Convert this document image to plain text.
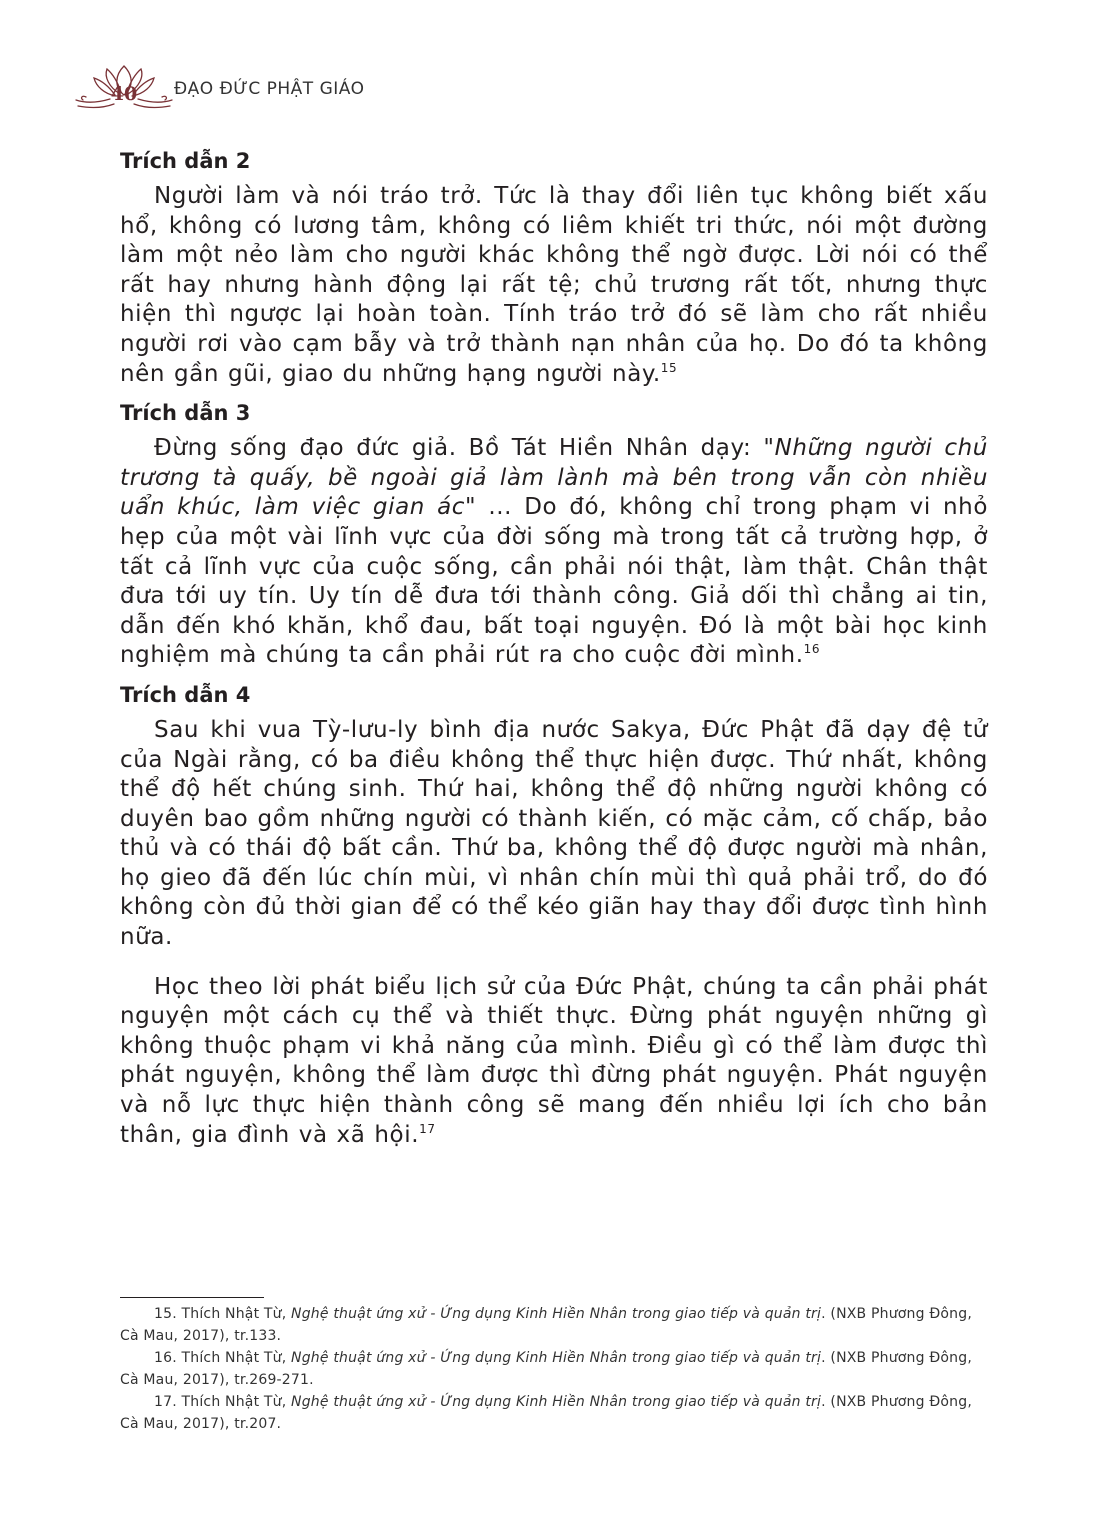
40 ĐẠO ĐỨC PHẬT GIÁO
Trích dẫn 2

Người làm và nói tráo trở. Tức là thay đổi liên tục không biết xấu hổ, không có lương tâm, không có liêm khiết tri thức, nói một đường làm một nẻo làm cho người khác không thể ngờ được. Lời nói có thể rất hay nhưng hành động lại rất tệ; chủ trương rất tốt, nhưng thực hiện thì ngược lại hoàn toàn. Tính tráo trở đó sẽ làm cho rất nhiều người rơi vào cạm bẫy và trở thành nạn nhân của họ. Do đó ta không nên gần gũi, giao du những hạng người này.$^{15}$

Trích dẫn 3

Đừng sống đạo đức giả. Bồ Tát Hiền Nhân dạy: "Những người chủ trương tà quấy, bề ngoài giả làm lành mà bên trong vẫn còn nhiều uẩn khúc, làm việc gian ác" ... Do đó, không chỉ trong phạm vi nhỏ hẹp của một vài lĩnh vực của đời sống mà trong tất cả trường hợp, ở tất cả lĩnh vực của cuộc sống, cần phải nói thật, làm thật. Chân thật đưa tới uy tín. Uy tín dễ đưa tới thành công. Giả dối thì chẳng ai tin, dẫn đến khó khăn, khổ đau, bất toại nguyện. Đó là một bài học kinh nghiệm mà chúng ta cần phải rút ra cho cuộc đời mình.$^{16}$

Trích dẫn 4

Sau khi vua Tỳ-lưu-ly bình địa nước Sakya, Đức Phật đã dạy đệ tử của Ngài rằng, có ba điều không thể thực hiện được. Thứ nhất, không thể độ hết chúng sinh. Thứ hai, không thể độ những người không có duyên bao gồm những người có thành kiến, có mặc cảm, cố chấp, bảo thủ và có thái độ bất cần. Thứ ba, không thể độ được người mà nhân, họ gieo đã đến lúc chín mùi, vì nhân chín mùi thì quả phải trổ, do đó không còn đủ thời gian để có thể kéo giãn hay thay đổi được tình hình nữa.

Học theo lời phát biểu lịch sử của Đức Phật, chúng ta cần phải phát nguyện một cách cụ thể và thiết thực. Đừng phát nguyện những gì không thuộc phạm vi khả năng của mình. Điều gì có thể làm được thì phát nguyện, không thể làm được thì đừng phát nguyện. Phát nguyện và nỗ lực thực hiện thành công sẽ mang đến nhiều lợi ích cho bản thân, gia đình và xã hội.$^{17}$

15. Thích Nhật Từ, Nghệ thuật ứng xử - Ứng dụng Kinh Hiền Nhân trong giao tiếp và quản trị. (NXB Phương Đông, Cà Mau, 2017), tr.133.

16. Thích Nhật Từ, Nghệ thuật ứng xử - Ứng dụng Kinh Hiền Nhân trong giao tiếp và quản trị. (NXB Phương Đông, Cà Mau, 2017), tr.269-271.

17. Thích Nhật Từ, Nghệ thuật ứng xử - Ứng dụng Kinh Hiền Nhân trong giao tiếp và quản trị. (NXB Phương Đông, Cà Mau, 2017), tr.207.
